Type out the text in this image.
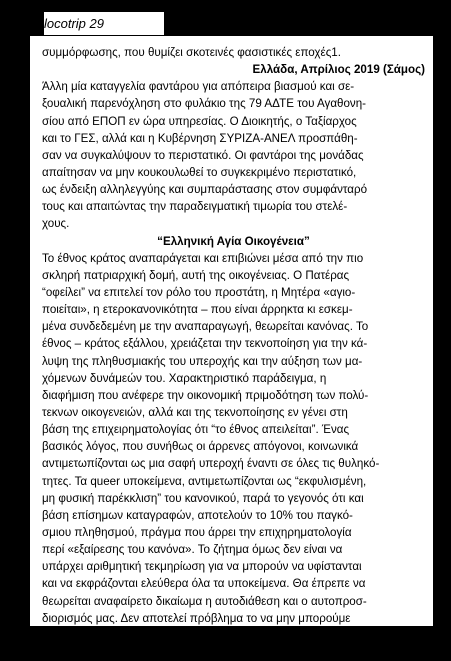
locotrip 29
συμμόρφωσης, που θυμίζει σκοτεινές φασιστικές εποχές1.
Ελλάδα, Απρίλιος 2019 (Σάμος)
Άλλη μία καταγγελία φαντάρου για απόπειρα βιασμού και σε-
ξουαλική παρενόχληση στο φυλάκιο της 79 ΑΔΤΕ του Αγαθονη-
σίου από ΕΠΟΠ εν ώρα υπηρεσίας. Ο Διοικητής, ο Ταξίαρχος
και το ΓΕΣ, αλλά και η Κυβέρνηση ΣΥΡΙΖΑ-ΑΝΕΛ προσπάθη-
σαν να συγκαλύψουν το περιστατικό. Οι φαντάροι της μονάδας
απαίτησαν να μην κουκουλωθεί το συγκεκριμένο περιστατικό,
ως ένδειξη αλληλεγγύης και συμπαράστασης στον συμφάνταρό
τους και απαιτώντας την παραδειγματική τιμωρία του στελέ-
χους.
“Ελληνική Αγία Οικογένεια”
Το έθνος κράτος αναπαράγεται και επιβιώνει μέσα από την πιο
σκληρή πατριαρχική δομή, αυτή της οικογένειας. Ο Πατέρας
“οφείλει” να επιτελεί τον ρόλο του προστάτη, η Μητέρα «αγιο-
ποιείται», η ετεροκανονικότητα – που είναι άρρηκτα κι εσκεμ-
μένα συνδεδεμένη με την αναπαραγωγή, θεωρείται κανόνας. Το
έθνος – κράτος εξάλλου, χρειάζεται την τεκνοποίηση για την κά-
λυψη της πληθυσμιακής του υπεροχής και την αύξηση των μα-
χόμενων δυνάμεών του. Χαρακτηριστικό παράδειγμα, η
διαφήμιση που ανέφερε την οικονομική πριμοδότηση των πολύ-
τεκνων οικογενειών, αλλά και της τεκνοποίησης εν γένει στη
βάση της επιχειρηματολογίας ότι “το έθνος απειλείται”. Ένας
βασικός λόγος, που συνήθως οι άρρενες απόγονοι, κοινωνικά
αντιμετωπίζονται ως μια σαφή υπεροχή έναντι σε όλες τις θυληκό-
τητες. Τα queer υποκείμενα, αντιμετωπίζονται ως “εκφυλισμένη,
μη φυσική παρέκκλιση” του κανονικού, παρά το γεγονός ότι και
βάση επίσημων καταγραφών, αποτελούν το 10% του παγκό-
σμιου πληθησμού, πράγμα που άρρει την επιχηρηματολογία
περί «εξαίρεσης του κανόνα». Το ζήτημα όμως δεν είναι να
υπάρχει αριθμητική τεκμηρίωση για να μπορούν να υφίστανται
και να εκφράζονται ελεύθερα όλα τα υποκείμενα. Θα έπρεπε να
θεωρείται αναφαίρετο δικαίωμα η αυτοδιάθεση και ο αυτοπροσ-
διορισμός μας. Δεν αποτελεί πρόβλημα το να μην μπορούμε
να κατηγοριοποιηθούμε. Πρόβλημα είναι η εμμονή για κατηγο-
ριοποίηση από άλλους για όλους. Το έθνος κράτος,
